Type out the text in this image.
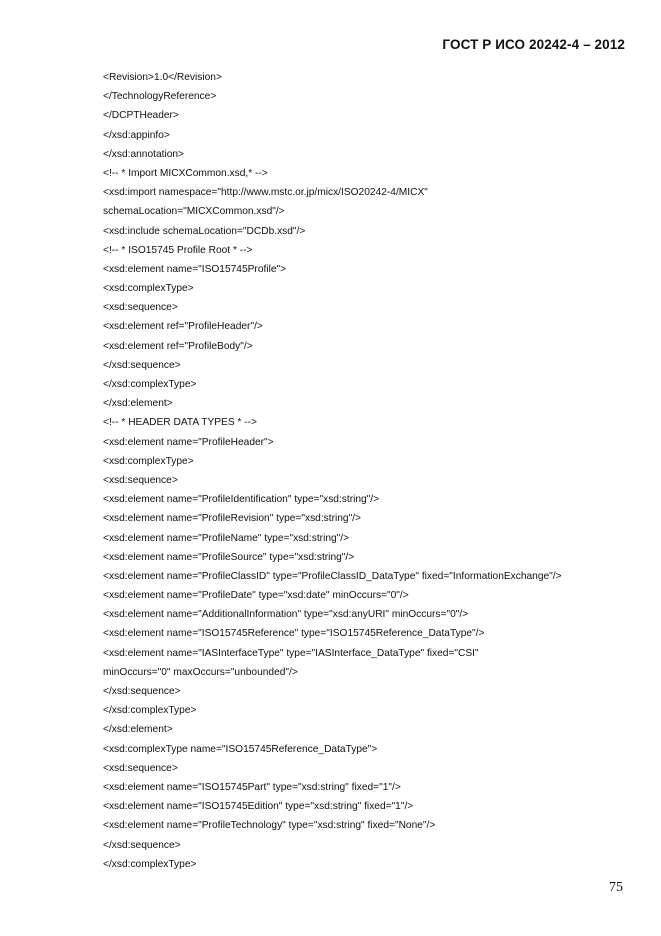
ГОСТ Р ИСО 20242-4 – 2012
<Revision>1.0</Revision>
</TechnologyReference>
</DCPTHeader>
</xsd:appinfo>
</xsd:annotation>
<!-- * Import MICXCommon.xsd,* -->
<xsd:import namespace="http://www.mstc.or.jp/micx/ISO20242-4/MICX"
schemaLocation="MICXCommon.xsd"/>
<xsd:include schemaLocation="DCDb.xsd"/>
<!-- * ISO15745 Profile Root * -->
<xsd:element name="ISO15745Profile">
<xsd:complexType>
<xsd:sequence>
<xsd:element ref="ProfileHeader"/>
<xsd:element ref="ProfileBody"/>
</xsd:sequence>
</xsd:complexType>
</xsd:element>
<!-- * HEADER DATA TYPES * -->
<xsd:element name="ProfileHeader">
<xsd:complexType>
<xsd:sequence>
<xsd:element name="ProfileIdentification" type="xsd:string"/>
<xsd:element name="ProfileRevision" type="xsd:string"/>
<xsd:element name="ProfileName" type="xsd:string"/>
<xsd:element name="ProfileSource" type="xsd:string"/>
<xsd:element name="ProfileClassID" type="ProfileClassID_DataType" fixed="InformationExchange"/>
<xsd:element name="ProfileDate" type="xsd:date" minOccurs="0"/>
<xsd:element name="AdditionalInformation" type="xsd:anyURI" minOccurs="0"/>
<xsd:element name="ISO15745Reference" type="ISO15745Reference_DataType"/>
<xsd:element name="IASInterfaceType" type="IASInterface_DataType" fixed="CSI"
minOccurs="0" maxOccurs="unbounded"/>
</xsd:sequence>
</xsd:complexType>
</xsd:element>
<xsd:complexType name="ISO15745Reference_DataType">
<xsd:sequence>
<xsd:element name="ISO15745Part" type="xsd:string" fixed="1"/>
<xsd:element name="ISO15745Edition" type="xsd:string" fixed="1"/>
<xsd:element name="ProfileTechnology" type="xsd:string" fixed="None"/>
</xsd:sequence>
</xsd:complexType>
75
